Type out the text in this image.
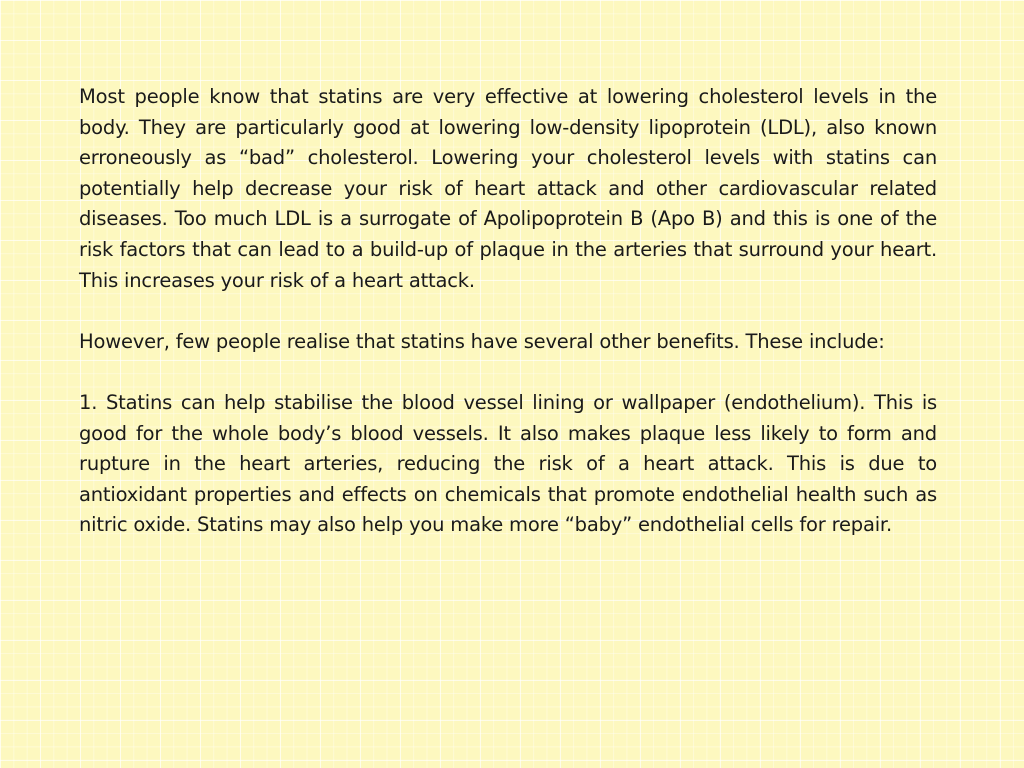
Most people know that statins are very effective at lowering cholesterol levels in the body. They are particularly good at lowering low-density lipoprotein (LDL), also known erroneously as “bad” cholesterol. Lowering your cholesterol levels with statins can potentially help decrease your risk of heart attack and other cardiovascular related diseases. Too much LDL is a surrogate of Apolipoprotein B (Apo B) and this is one of the risk factors that can lead to a build-up of plaque in the arteries that surround your heart. This increases your risk of a heart attack.

However, few people realise that statins have several other benefits. These include:

1. Statins can help stabilise the blood vessel lining or wallpaper (endothelium). This is good for the whole body’s blood vessels. It also makes plaque less likely to form and rupture in the heart arteries, reducing the risk of a heart attack. This is due to antioxidant properties and effects on chemicals that promote endothelial health such as nitric oxide. Statins may also help you make more “baby” endothelial cells for repair.
